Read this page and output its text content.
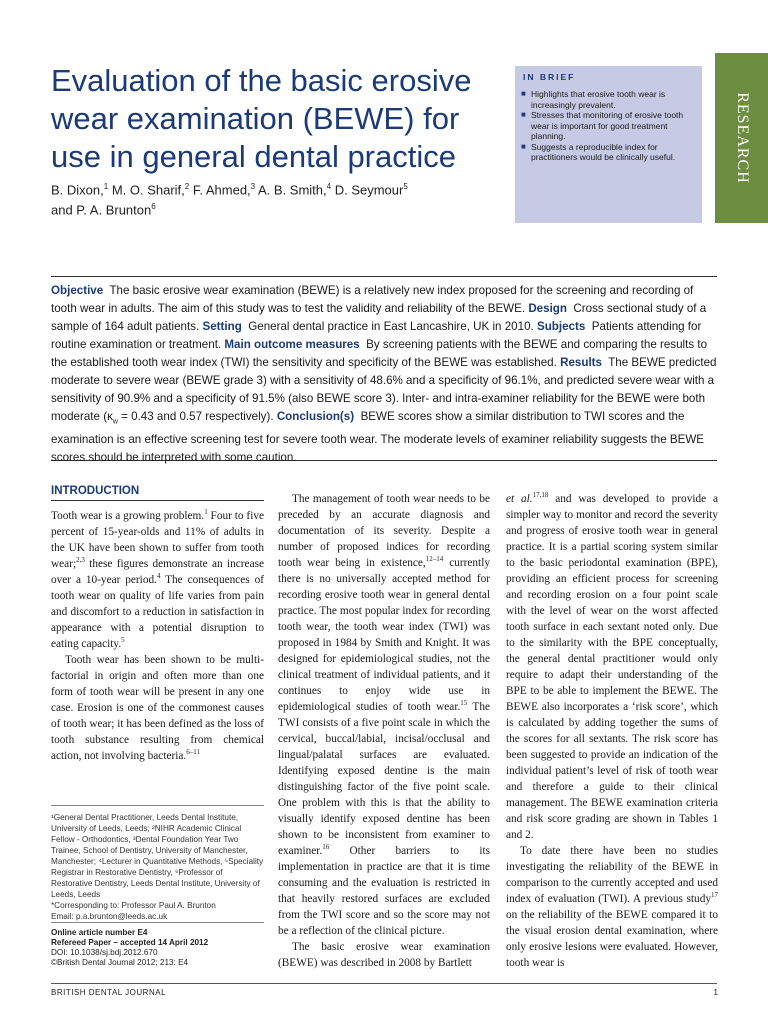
Evaluation of the basic erosive wear examination (BEWE) for use in general dental practice

B. Dixon,$^1$ M. O. Sharif,$^2$ F. Ahmed,$^3$ A. B. Smith,$^4$ D. Seymour$^5$
and P. A. Brunton$^6$

IN BRIEF
■ Highlights that erosive tooth wear is increasingly prevalent.
■ Stresses that monitoring of erosive tooth wear is important for good treatment planning.
■ Suggests a reproducible index for practitioners would be clinically useful.	RESEARCH

Objective The basic erosive wear examination (BEWE) is a relatively new index proposed for the screening and recording of tooth wear in adults. The aim of this study was to test the validity and reliability of the BEWE. Design Cross sectional study of a sample of 164 adult patients. Setting General dental practice in East Lancashire, UK in 2010. Subjects Patients attending for routine examination or treatment. Main outcome measures By screening patients with the BEWE and comparing the results to the established tooth wear index (TWI) the sensitivity and specificity of the BEWE was established. Results The BEWE predicted moderate to severe wear (BEWE grade 3) with a sensitivity of 48.6% and a specificity of 96.1%, and predicted severe wear with a sensitivity of 90.9% and a specificity of 91.5% (also BEWE score 3). Inter- and intra-examiner reliability for the BEWE were both moderate ($\kappa_w = 0.43$ and 0.57 respectively). Conclusion(s) BEWE scores show a similar distribution to TWI scores and the examination is an effective screening test for severe tooth wear. The moderate levels of examiner reliability suggests the BEWE scores should be interpreted with some caution.

INTRODUCTION

Tooth wear is a growing problem.$^1$ Four to five percent of 15-year-olds and 11% of adults in the UK have been shown to suffer from tooth wear;$^{2,3}$ these figures demonstrate an increase over a 10-year period.$^4$ The consequences of tooth wear on quality of life varies from pain and discomfort to a reduction in satisfaction in appearance with a potential disruption to eating capacity.$^5$

Tooth wear has been shown to be multi-factorial in origin and often more than one form of tooth wear will be present in any one case. Erosion is one of the commonest causes of tooth wear; it has been defined as the loss of tooth substance resulting from chemical action, not involving bacteria.$^{6-11}$

¹General Dental Practitioner, Leeds Dental Institute, University of Leeds, Leeds; ²NIHR Academic Clinical Fellow - Orthodontics, ³Dental Foundation Year Two Trainee, School of Dentistry, University of Manchester, Manchester; ⁴Lecturer in Quantitative Methods, ⁵Speciality Registrar in Restorative Dentistry, ⁶Professor of Restorative Dentistry, Leeds Dental Institute, University of Leeds, Leeds

*Corresponding to: Professor Paul A. Brunton

Email: p.a.brunton@leeds.ac.uk

Online article number E4

Refereed Paper – accepted 14 April 2012

DOI: 10.1038/sj.bdj.2012.670

©British Dental Journal 2012; 213: E4

The management of tooth wear needs to be preceded by an accurate diagnosis and documentation of its severity. Despite a number of proposed indices for recording tooth wear being in existence,$^{12-14}$ currently there is no universally accepted method for recording erosive tooth wear in general dental practice. The most popular index for recording tooth wear, the tooth wear index (TWI) was proposed in 1984 by Smith and Knight. It was designed for epidemiological studies, not the clinical treatment of individual patients, and it continues to enjoy wide use in epidemiological studies of tooth wear.$^{15}$ The TWI consists of a five point scale in which the cervical, buccal/labial, incisal/occlusal and lingual/palatal surfaces are evaluated. Identifying exposed dentine is the main distinguishing factor of the five point scale. One problem with this is that the ability to visually identify exposed dentine has been shown to be inconsistent from examiner to examiner.$^{16}$ Other barriers to its implementation in practice are that it is time consuming and the evaluation is restricted in that heavily restored surfaces are excluded from the TWI score and so the score may not be a reflection of the clinical picture.

The basic erosive wear examination (BEWE) was described in 2008 by Bartlett

et al.$^{17,18}$ and was developed to provide a simpler way to monitor and record the severity and progress of erosive tooth wear in general practice. It is a partial scoring system similar to the basic periodontal examination (BPE), providing an efficient process for screening and recording erosion on a four point scale with the level of wear on the worst affected tooth surface in each sextant noted only. Due to the similarity with the BPE conceptually, the general dental practitioner would only require to adapt their understanding of the BPE to be able to implement the BEWE. The BEWE also incorporates a ‘risk score’, which is calculated by adding together the sums of the scores for all sextants. The risk score has been suggested to provide an indication of the individual patient’s level of risk of tooth wear and therefore a guide to their clinical management. The BEWE examination criteria and risk score grading are shown in Tables 1 and 2.

To date there have been no studies investigating the reliability of the BEWE in comparison to the currently accepted and used index of evaluation (TWI). A previous study$^{17}$ on the reliability of the BEWE compared it to the visual erosion dental examination, where only erosive lesions were evaluated. However, tooth wear is

BRITISH DENTAL JOURNAL	1
